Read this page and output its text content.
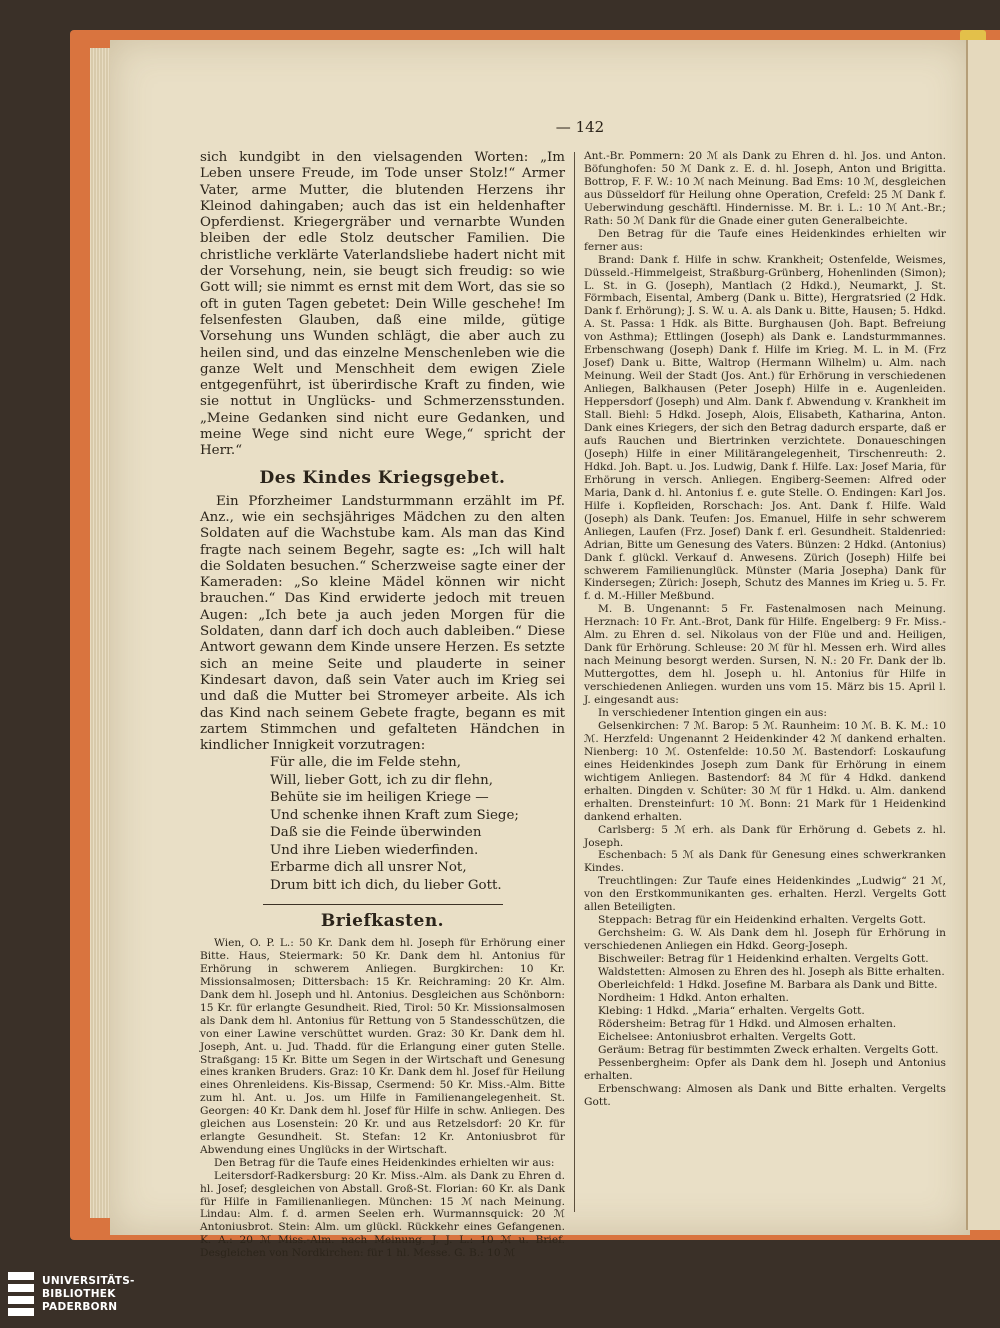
— 142

sich kundgibt in den vielsagenden Worten: „Im Leben unsere Freude, im Tode unser Stolz!“ Armer Vater, arme Mutter, die blutenden Herzens ihr Kleinod dahingaben; auch das ist ein heldenhafter Opferdienst. Kriegergräber und vernarbte Wunden bleiben der edle Stolz deutscher Familien. Die christliche verklärte Vaterlandsliebe hadert nicht mit der Vorsehung, nein, sie beugt sich freudig: so wie Gott will; sie nimmt es ernst mit dem Wort, das sie so oft in guten Tagen gebetet: Dein Wille geschehe! Im felsenfesten Glauben, daß eine milde, gütige Vorsehung uns Wunden schlägt, die aber auch zu heilen sind, und das einzelne Menschenleben wie die ganze Welt und Menschheit dem ewigen Ziele entgegenführt, ist überirdische Kraft zu finden, wie sie nottut in Unglücks- und Schmerzensstunden. „Meine Gedanken sind nicht eure Gedanken, und meine Wege sind nicht eure Wege,“ spricht der Herr.“

Des Kindes Kriegsgebet.

Ein Pforzheimer Landsturmmann erzählt im Pf. Anz., wie ein sechsjähriges Mädchen zu den alten Soldaten auf die Wachstube kam. Als man das Kind fragte nach seinem Begehr, sagte es: „Ich will halt die Soldaten besuchen.“ Scherzweise sagte einer der Kameraden: „So kleine Mädel können wir nicht brauchen.“ Das Kind erwiderte jedoch mit treuen Augen: „Ich bete ja auch jeden Morgen für die Soldaten, dann darf ich doch auch dableiben.“ Diese Antwort gewann dem Kinde unsere Herzen. Es setzte sich an meine Seite und plauderte in seiner Kindesart davon, daß sein Vater auch im Krieg sei und daß die Mutter bei Stromeyer arbeite. Als ich das Kind nach seinem Gebete fragte, begann es mit zartem Stimmchen und gefalteten Händchen in kindlicher Innigkeit vorzutragen:

Für alle, die im Felde stehn,
Will, lieber Gott, ich zu dir flehn,
Behüte sie im heiligen Kriege —
Und schenke ihnen Kraft zum Siege;
Daß sie die Feinde überwinden
Und ihre Lieben wiederfinden.
Erbarme dich all unsrer Not,
Drum bitt ich dich, du lieber Gott.
Briefkasten.

Wien, O. P. L.: 50 Kr. Dank dem hl. Joseph für Erhörung einer Bitte. Haus, Steiermark: 50 Kr. Dank dem hl. Antonius für Erhörung in schwerem Anliegen. Burgkirchen: 10 Kr. Missionsalmosen; Dittersbach: 15 Kr. Reichraming: 20 Kr. Alm. Dank dem hl. Joseph und hl. Antonius. Desgleichen aus Schönborn: 15 Kr. für erlangte Gesundheit. Ried, Tirol: 50 Kr. Missionsalmosen als Dank dem hl. Antonius für Rettung von 5 Standesschützen, die von einer Lawine verschüttet wurden. Graz: 30 Kr. Dank dem hl. Joseph, Ant. u. Jud. Thadd. für die Erlangung einer guten Stelle. Straßgang: 15 Kr. Bitte um Segen in der Wirtschaft und Genesung eines kranken Bruders. Graz: 10 Kr. Dank dem hl. Josef für Heilung eines Ohrenleidens. Kis-Bissap, Csermend: 50 Kr. Miss.-Alm. Bitte zum hl. Ant. u. Jos. um Hilfe in Familienangelegenheit. St. Georgen: 40 Kr. Dank dem hl. Josef für Hilfe in schw. Anliegen. Des gleichen aus Losenstein: 20 Kr. und aus Retzelsdorf: 20 Kr. für erlangte Gesundheit. St. Stefan: 12 Kr. Antoniusbrot für Abwendung eines Unglücks in der Wirtschaft.

Den Betrag für die Taufe eines Heidenkindes erhielten wir aus:

Leitersdorf-Radkersburg: 20 Kr. Miss.-Alm. als Dank zu Ehren d. hl. Josef; desgleichen von Abstall. Groß-St. Florian: 60 Kr. als Dank für Hilfe in Familienanliegen. München: 15 ℳ nach Meinung. Lindau: Alm. f. d. armen Seelen erh. Wurmannsquick: 20 ℳ Antoniusbrot. Stein: Alm. um glückl. Rückkehr eines Gefangenen. K. A.: 20 ℳ Miss.-Alm. nach Meinung. J. J. L.: 10 ℳ u. Brief. Desgleichen von Nordkirchen: für 1 hl. Messe. G. B.: 10 ℳ

Ant.-Br. Pommern: 20 ℳ als Dank zu Ehren d. hl. Jos. und Anton. Böfunghofen: 50 ℳ Dank z. E. d. hl. Joseph, Anton und Brigitta. Bottrop, F. F. W.: 10 ℳ nach Meinung. Bad Ems: 10 ℳ, desgleichen aus Düsseldorf für Heilung ohne Operation, Crefeld: 25 ℳ Dank f. Ueberwindung geschäftl. Hindernisse. M. Br. i. L.: 10 ℳ Ant.-Br.; Rath: 50 ℳ Dank für die Gnade einer guten Generalbeichte.

Den Betrag für die Taufe eines Heidenkindes erhielten wir ferner aus:

Brand: Dank f. Hilfe in schw. Krankheit; Ostenfelde, Weismes, Düsseld.-Himmelgeist, Straßburg-Grünberg, Hohenlinden (Simon); L. St. in G. (Joseph), Mantlach (2 Hdkd.), Neumarkt, J. St. Förmbach, Eisental, Amberg (Dank u. Bitte), Hergratsried (2 Hdk. Dank f. Erhörung); J. S. W. u. A. als Dank u. Bitte, Hausen; 5. Hdkd. A. St. Passa: 1 Hdk. als Bitte. Burghausen (Joh. Bapt. Befreiung von Asthma); Ettlingen (Joseph) als Dank e. Landsturmmannes. Erbenschwang (Joseph) Dank f. Hilfe im Krieg. M. L. in M. (Frz Josef) Dank u. Bitte, Waltrop (Hermann Wilhelm) u. Alm. nach Meinung. Weil der Stadt (Jos. Ant.) für Erhörung in verschiedenen Anliegen, Balkhausen (Peter Joseph) Hilfe in e. Augenleiden. Heppersdorf (Joseph) und Alm. Dank f. Abwendung v. Krankheit im Stall. Biehl: 5 Hdkd. Joseph, Alois, Elisabeth, Katharina, Anton. Dank eines Kriegers, der sich den Betrag dadurch ersparte, daß er aufs Rauchen und Biertrinken verzichtete. Donaueschingen (Joseph) Hilfe in einer Militärangelegenheit, Tirschenreuth: 2. Hdkd. Joh. Bapt. u. Jos. Ludwig, Dank f. Hilfe. Lax: Josef Maria, für Erhörung in versch. Anliegen. Engiberg-Seemen: Alfred oder Maria, Dank d. hl. Antonius f. e. gute Stelle. O. Endingen: Karl Jos. Hilfe i. Kopfleiden, Rorschach: Jos. Ant. Dank f. Hilfe. Wald (Joseph) als Dank. Teufen: Jos. Emanuel, Hilfe in sehr schwerem Anliegen, Laufen (Frz. Josef) Dank f. erl. Gesundheit. Staldenried: Adrian, Bitte um Genesung des Vaters. Bünzen: 2 Hdkd. (Antonius) Dank f. glückl. Verkauf d. Anwesens. Zürich (Joseph) Hilfe bei schwerem Familienunglück. Münster (Maria Josepha) Dank für Kindersegen; Zürich: Joseph, Schutz des Mannes im Krieg u. 5. Fr. f. d. M.-Hiller Meßbund.

M. B. Ungenannt: 5 Fr. Fastenalmosen nach Meinung. Herznach: 10 Fr. Ant.-Brot, Dank für Hilfe. Engelberg: 9 Fr. Miss.-Alm. zu Ehren d. sel. Nikolaus von der Flüe und and. Heiligen, Dank für Erhörung. Schleuse: 20 ℳ für hl. Messen erh. Wird alles nach Meinung besorgt werden. Sursen, N. N.: 20 Fr. Dank der lb. Muttergottes, dem hl. Joseph u. hl. Antonius für Hilfe in verschiedenen Anliegen. wurden uns vom 15. März bis 15. April l. J. eingesandt aus:

In verschiedener Intention gingen ein aus:

Gelsenkirchen: 7 ℳ. Barop: 5 ℳ. Raunheim: 10 ℳ. B. K. M.: 10 ℳ. Herzfeld: Ungenannt 2 Heidenkinder 42 ℳ dankend erhalten. Nienberg: 10 ℳ. Ostenfelde: 10.50 ℳ. Bastendorf: Loskaufung eines Heidenkindes Joseph zum Dank für Erhörung in einem wichtigem Anliegen. Bastendorf: 84 ℳ für 4 Hdkd. dankend erhalten. Dingden v. Schüter: 30 ℳ für 1 Hdkd. u. Alm. dankend erhalten. Drensteinfurt: 10 ℳ. Bonn: 21 Mark für 1 Heidenkind dankend erhalten.

Carlsberg: 5 ℳ erh. als Dank für Erhörung d. Gebets z. hl. Joseph.

Eschenbach: 5 ℳ als Dank für Genesung eines schwerkranken Kindes.

Treuchtlingen: Zur Taufe eines Heidenkindes „Ludwig“ 21 ℳ, von den Erstkommunikanten ges. erhalten. Herzl. Vergelts Gott allen Beteiligten.

Steppach: Betrag für ein Heidenkind erhalten. Vergelts Gott.

Gerchsheim: G. W. Als Dank dem hl. Joseph für Erhörung in verschiedenen Anliegen ein Hdkd. Georg-Joseph.

Bischweiler: Betrag für 1 Heidenkind erhalten. Vergelts Gott.

Waldstetten: Almosen zu Ehren des hl. Joseph als Bitte erhalten.

Oberleichfeld: 1 Hdkd. Josefine M. Barbara als Dank und Bitte.

Nordheim: 1 Hdkd. Anton erhalten.

Klebing: 1 Hdkd. „Maria“ erhalten. Vergelts Gott.

Rödersheim: Betrag für 1 Hdkd. und Almosen erhalten.

Eichelsee: Antoniusbrot erhalten. Vergelts Gott.

Geräum: Betrag für bestimmten Zweck erhalten. Vergelts Gott.

Pessenbergheim: Opfer als Dank dem hl. Joseph und Antonius erhalten.

Erbenschwang: Almosen als Dank und Bitte erhalten. Vergelts Gott.

UNIVERSITÄTS-
BIBLIOTHEK
PADERBORN
